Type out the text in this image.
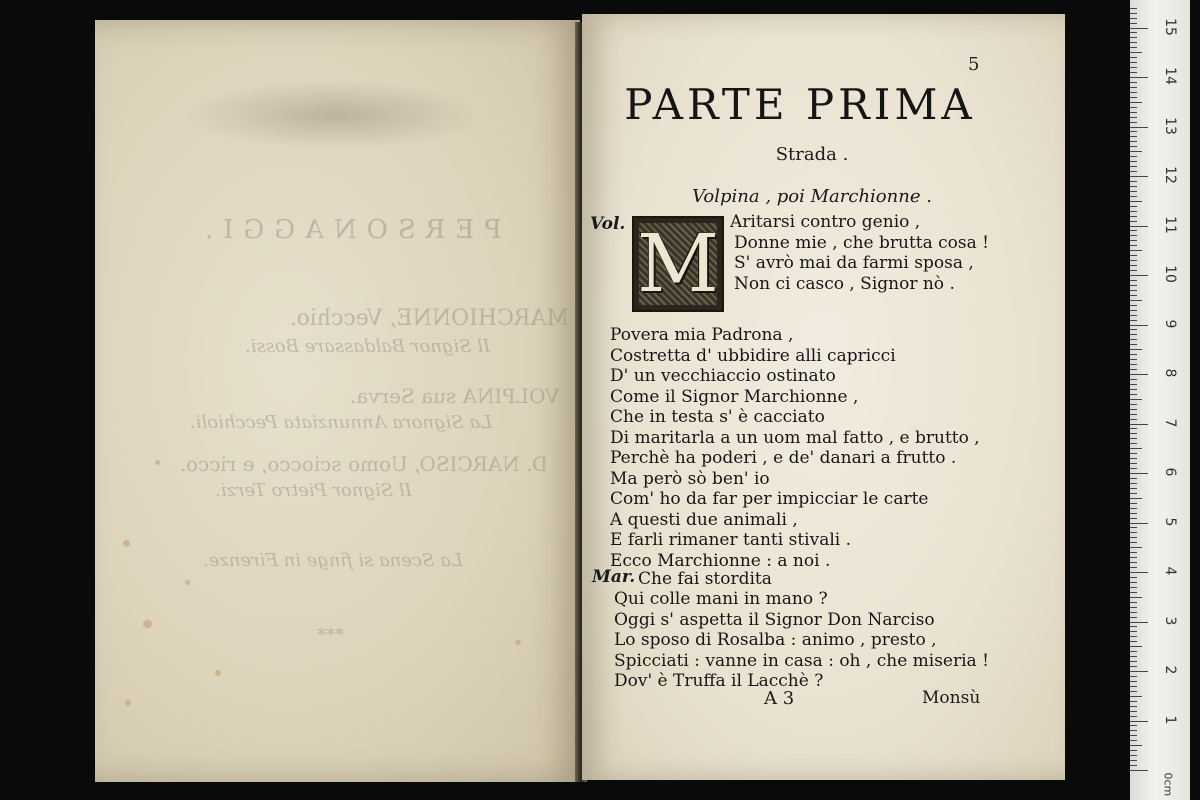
PERSONAGGI.
MARCHIONNE, Vecchio.
Il Signor Baldassare Bossi.
VOLPINA sua Serva.
La Signora Annunziata Pecchioli.
D. NARCISO, Uomo sciocco, e ricco.
Il Signor Pietro Terzi.
La Scena si finge in Firenze.
***
5
PARTE PRIMA
Strada .
Volpina , poi Marchionne .
Vol. M Aritarsi contro genio ,
Donne mie , che brutta cosa !
S' avrò mai da farmi sposa ,
Non ci casco , Signor nò .
Povera mia Padrona ,
Costretta d' ubbidire alli capricci
D' un vecchiaccio ostinato
Come il Signor Marchionne ,
Che in testa s' è cacciato
Di maritarla a un uom mal fatto , e brutto ,
Perchè ha poderi , e de' danari a frutto .
Ma però sò ben' io
Com' ho da far per impicciar le carte
A questi due animali ,
E farli rimaner tanti stivali .
Ecco Marchionne : a noi .
Mar. Che fai stordita
Qui colle mani in mano ?
Oggi s' aspetta il Signor Don Narciso
Lo sposo di Rosalba : animo , presto ,
Spicciati : vanne in casa : oh , che miseria !
Dov' è Truffa il Lacchè ?
A 3	Monsù
1
2
3
4
5
6
7
8
9
10
11
12
13
14
15
0cm
